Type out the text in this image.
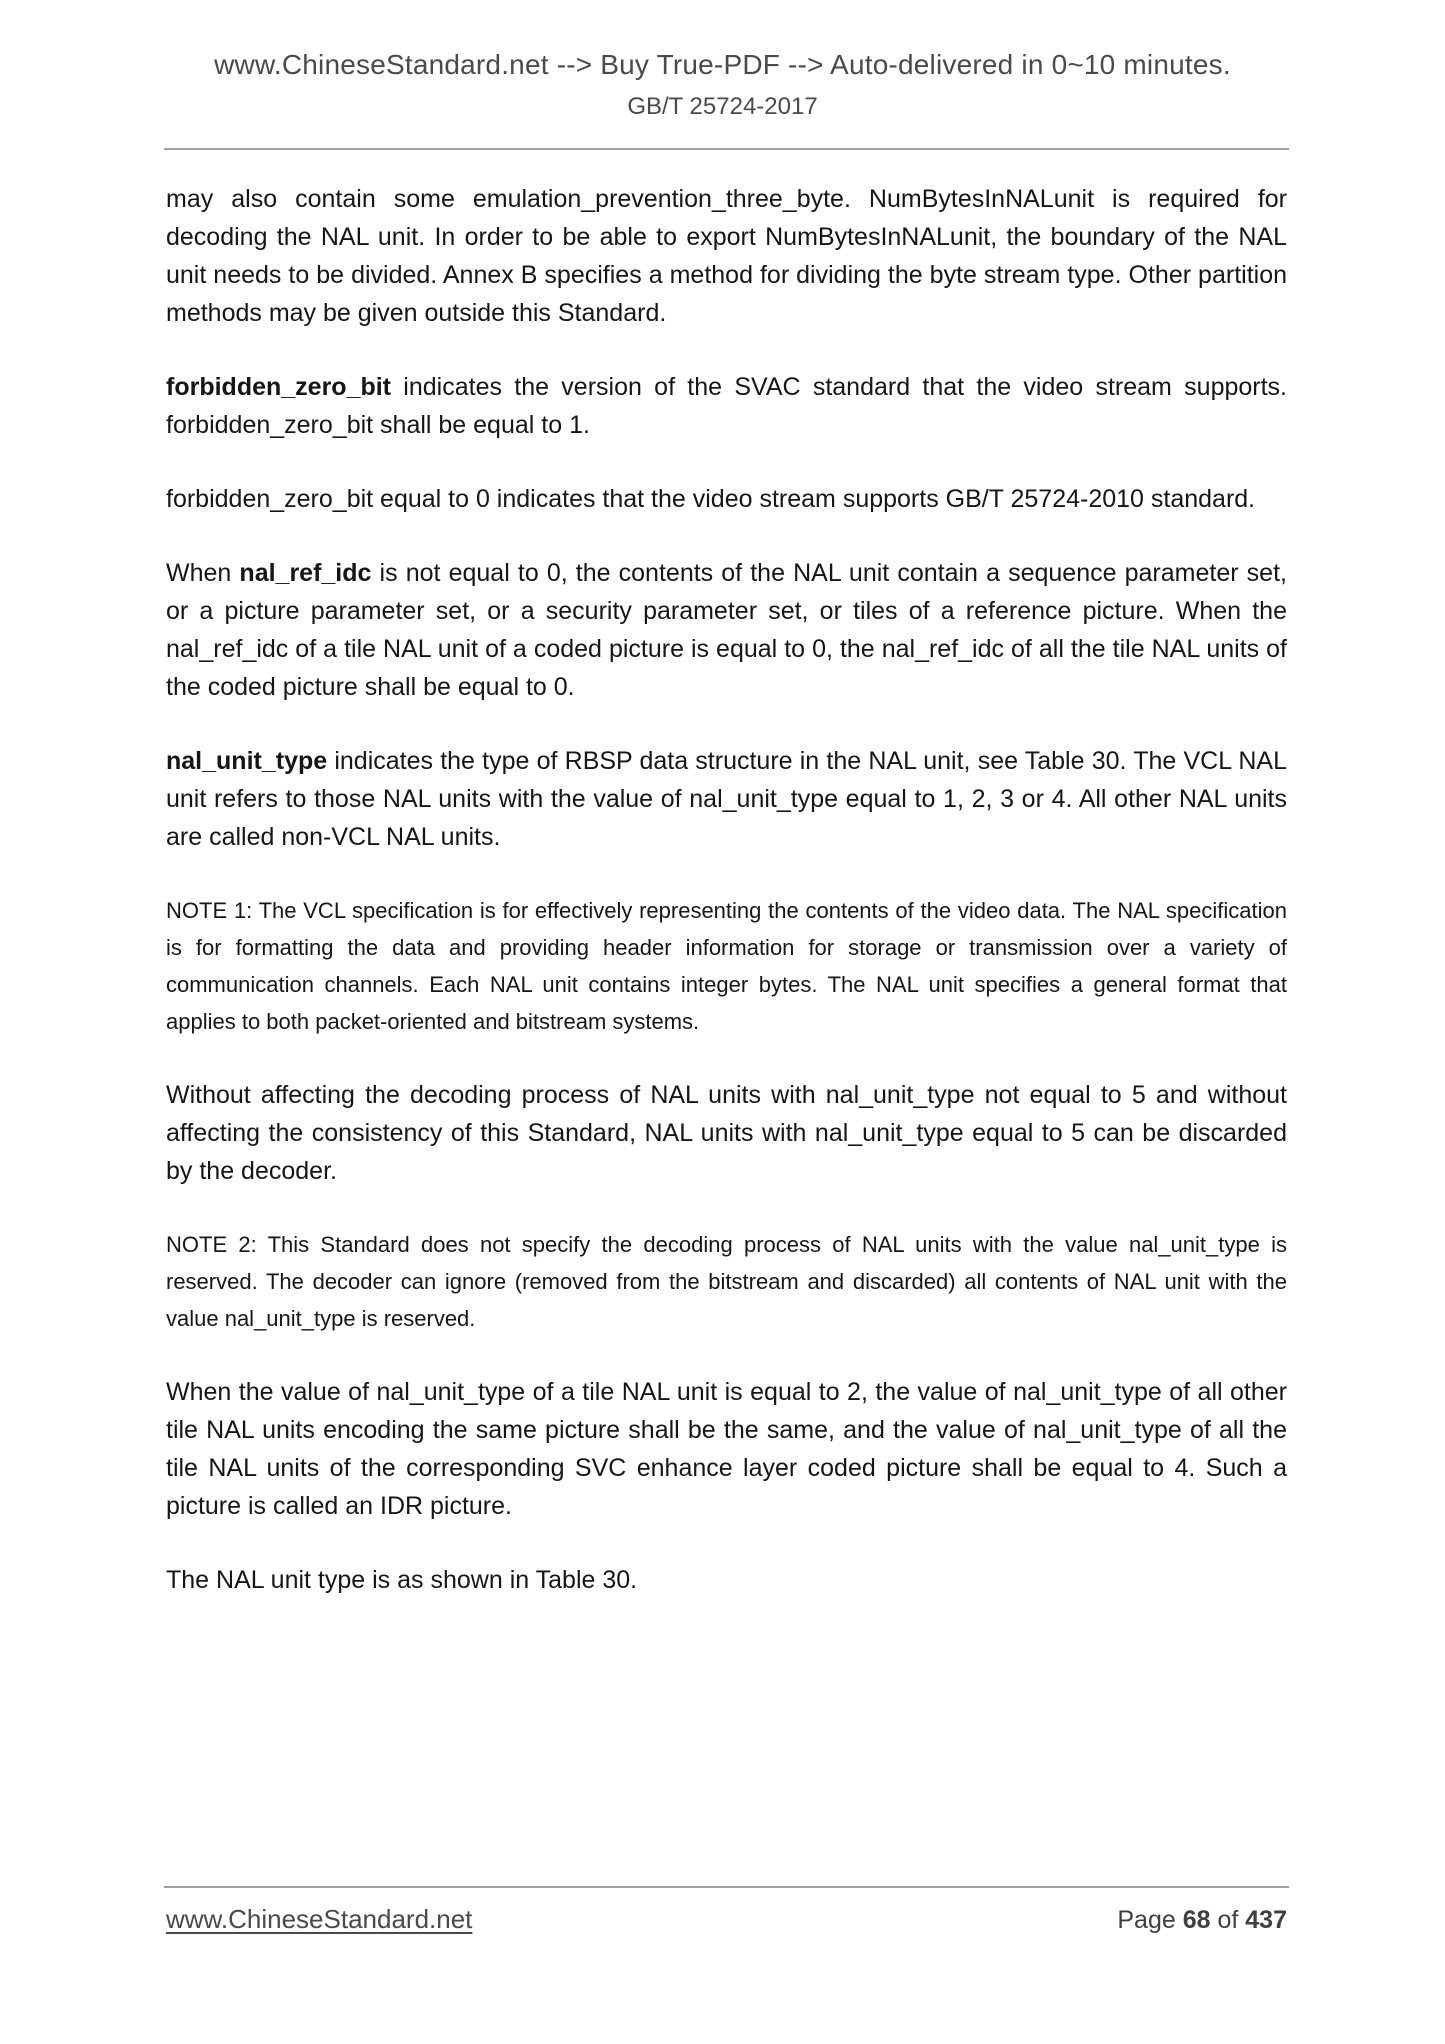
www.ChineseStandard.net --> Buy True-PDF --> Auto-delivered in 0~10 minutes.
GB/T 25724-2017

may also contain some emulation_prevention_three_byte. NumBytesInNALunit is required for decoding the NAL unit. In order to be able to export NumBytesInNALunit, the boundary of the NAL unit needs to be divided. Annex B specifies a method for dividing the byte stream type. Other partition methods may be given outside this Standard.

forbidden_zero_bit indicates the version of the SVAC standard that the video stream supports. forbidden_zero_bit shall be equal to 1.

forbidden_zero_bit equal to 0 indicates that the video stream supports GB/T 25724-2010 standard.

When nal_ref_idc is not equal to 0, the contents of the NAL unit contain a sequence parameter set, or a picture parameter set, or a security parameter set, or tiles of a reference picture. When the nal_ref_idc of a tile NAL unit of a coded picture is equal to 0, the nal_ref_idc of all the tile NAL units of the coded picture shall be equal to 0.

nal_unit_type indicates the type of RBSP data structure in the NAL unit, see Table 30. The VCL NAL unit refers to those NAL units with the value of nal_unit_type equal to 1, 2, 3 or 4. All other NAL units are called non-VCL NAL units.

NOTE 1: The VCL specification is for effectively representing the contents of the video data. The NAL specification is for formatting the data and providing header information for storage or transmission over a variety of communication channels. Each NAL unit contains integer bytes. The NAL unit specifies a general format that applies to both packet-oriented and bitstream systems.

Without affecting the decoding process of NAL units with nal_unit_type not equal to 5 and without affecting the consistency of this Standard, NAL units with nal_unit_type equal to 5 can be discarded by the decoder.

NOTE 2: This Standard does not specify the decoding process of NAL units with the value nal_unit_type is reserved. The decoder can ignore (removed from the bitstream and discarded) all contents of NAL unit with the value nal_unit_type is reserved.

When the value of nal_unit_type of a tile NAL unit is equal to 2, the value of nal_unit_type of all other tile NAL units encoding the same picture shall be the same, and the value of nal_unit_type of all the tile NAL units of the corresponding SVC enhance layer coded picture shall be equal to 4. Such a picture is called an IDR picture.

The NAL unit type is as shown in Table 30.

www.ChineseStandard.net	Page 68 of 437
